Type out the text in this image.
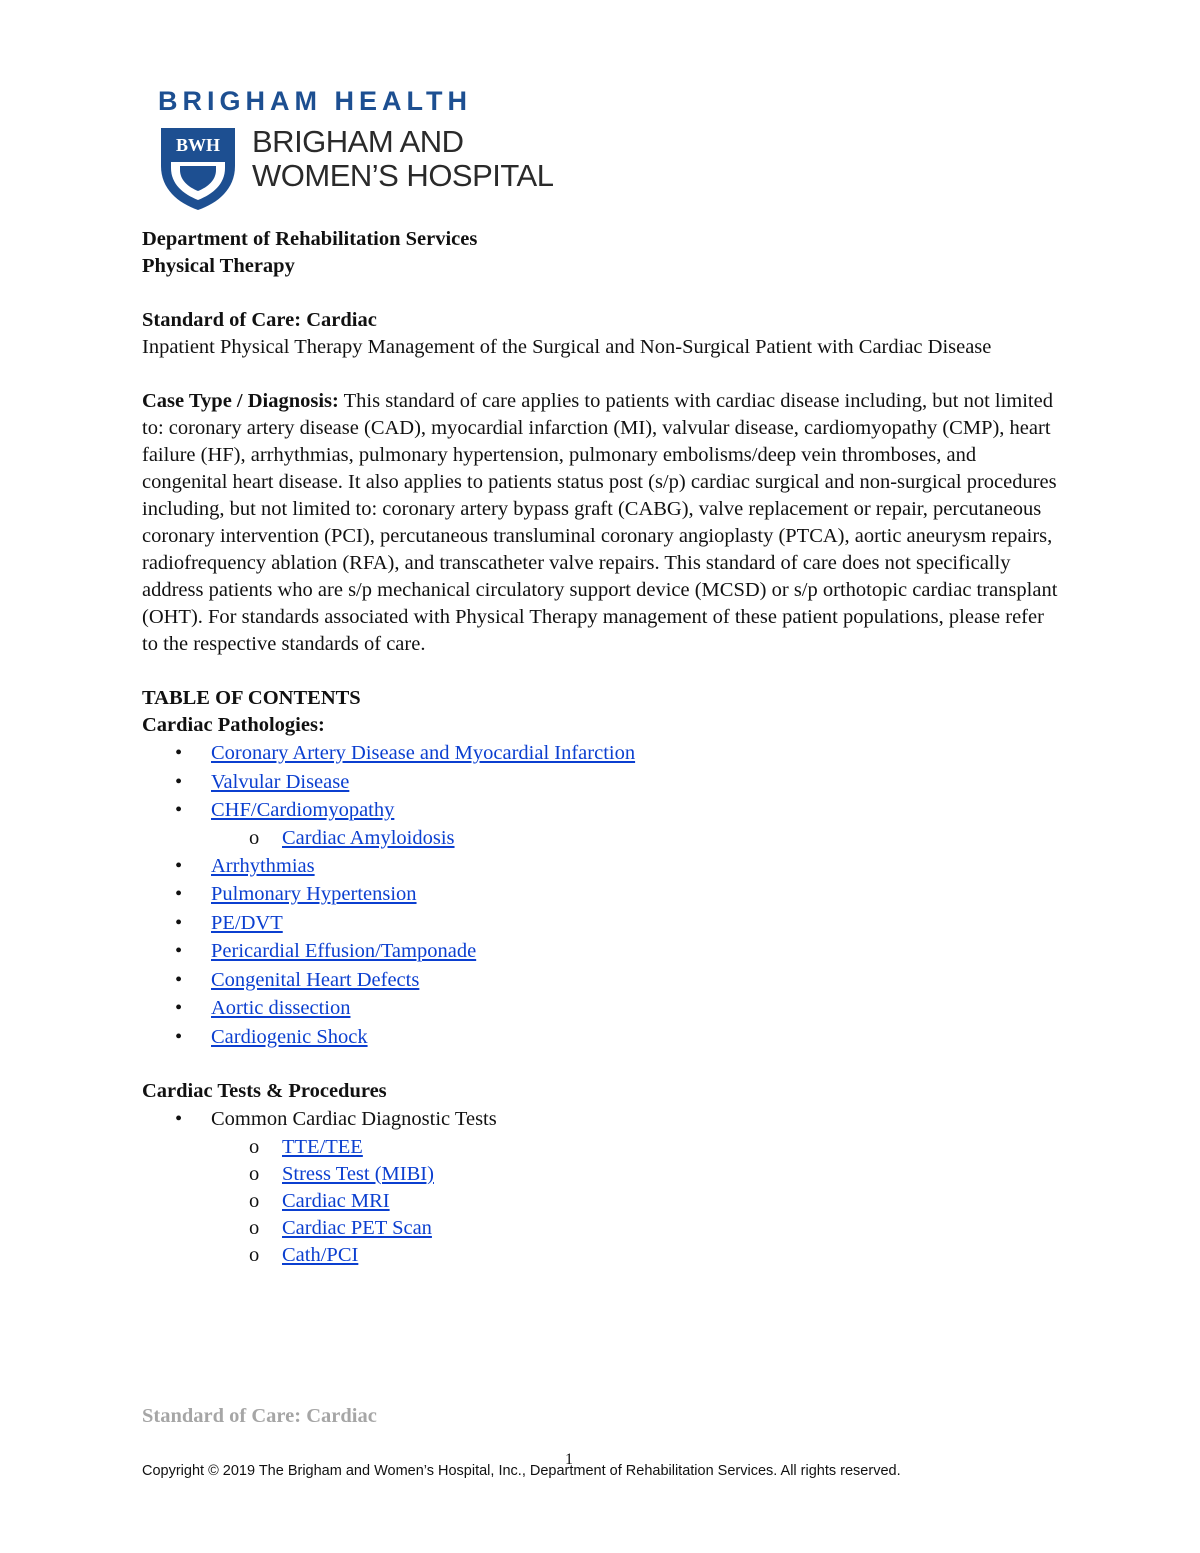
BRIGHAM HEALTH
BWH BRIGHAM AND
WOMEN’S HOSPITAL

Department of Rehabilitation Services

Physical Therapy

Standard of Care: Cardiac

Inpatient Physical Therapy Management of the Surgical and Non-Surgical Patient with Cardiac Disease

Case Type / Diagnosis: This standard of care applies to patients with cardiac disease including, but not limited to: coronary artery disease (CAD), myocardial infarction (MI), valvular disease, cardiomyopathy (CMP), heart failure (HF), arrhythmias, pulmonary hypertension, pulmonary embolisms/deep vein thromboses, and congenital heart disease. It also applies to patients status post (s/p) cardiac surgical and non-surgical procedures including, but not limited to: coronary artery bypass graft (CABG), valve replacement or repair, percutaneous coronary intervention (PCI), percutaneous transluminal coronary angioplasty (PTCA), aortic aneurysm repairs, radiofrequency ablation (RFA), and transcatheter valve repairs. This standard of care does not specifically address patients who are s/p mechanical circulatory support device (MCSD) or s/p orthotopic cardiac transplant (OHT). For standards associated with Physical Therapy management of these patient populations, please refer to the respective standards of care.

TABLE OF CONTENTS

Cardiac Pathologies:

• Coronary Artery Disease and Myocardial Infarction
• Valvular Disease
• CHF/Cardiomyopathy
o Cardiac Amyloidosis
• Arrhythmias
• Pulmonary Hypertension
• PE/DVT
• Pericardial Effusion/Tamponade
• Congenital Heart Defects
• Aortic dissection
• Cardiogenic Shock

Cardiac Tests & Procedures

• Common Cardiac Diagnostic Tests
o TTE/TEE
o Stress Test (MIBI)
o Cardiac MRI
o Cardiac PET Scan
o Cath/PCI
Standard of Care: Cardiac
1
Copyright © 2019 The Brigham and Women’s Hospital, Inc., Department of Rehabilitation Services. All rights reserved.
